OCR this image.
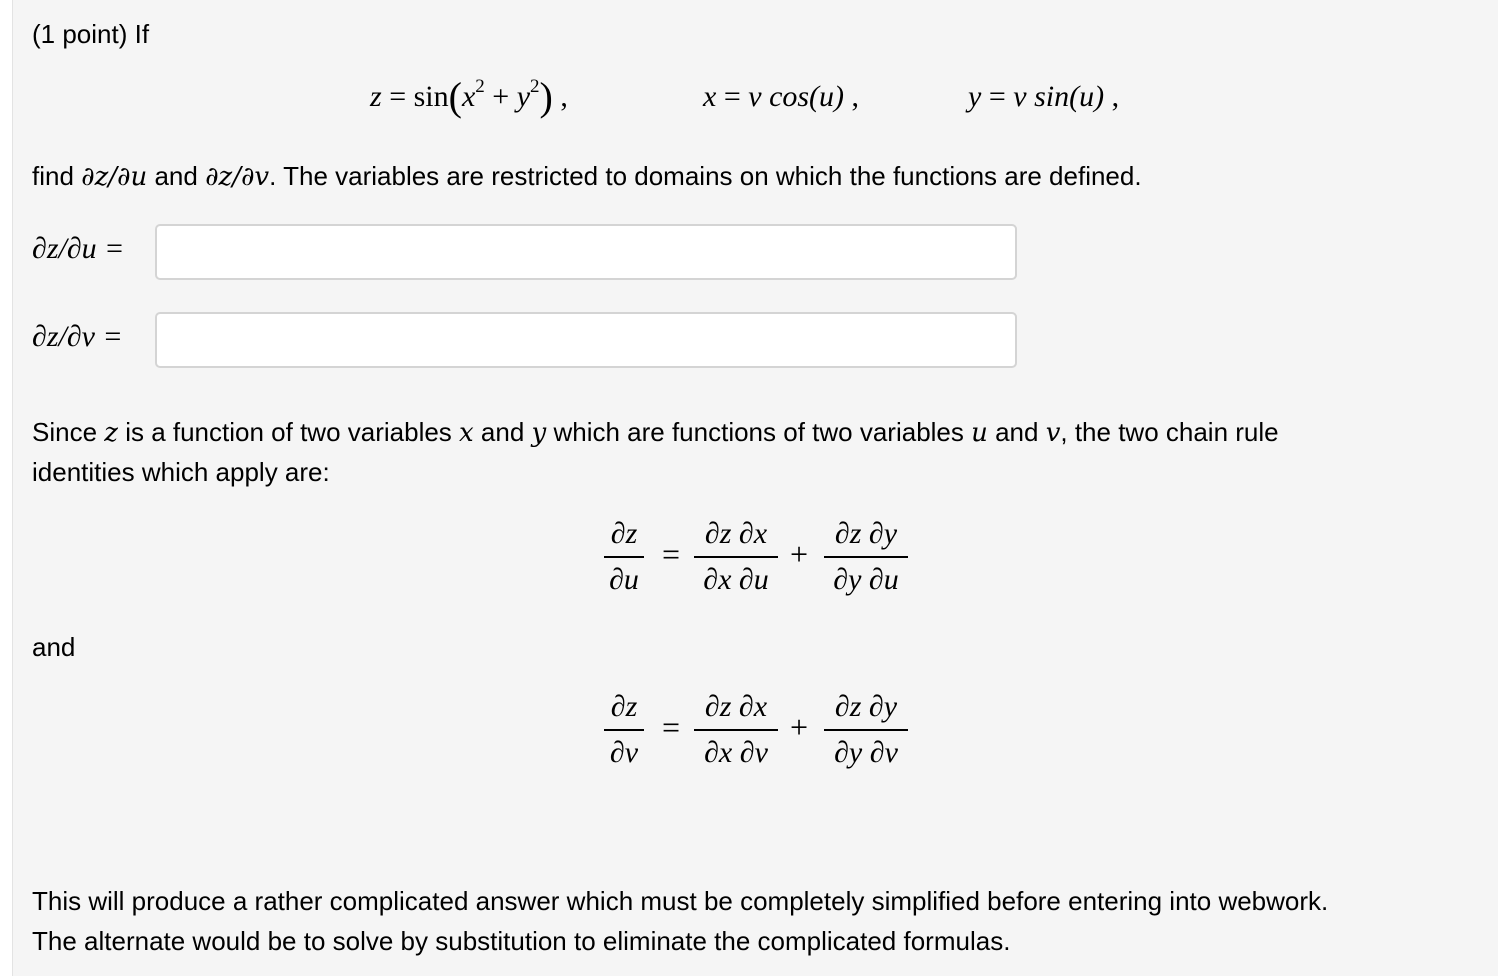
(1 point) If
$z = \sin(x^2 + y^2)$ ,	x = v cos(u) ,	y = v sin(u) ,
find ∂z/∂u and ∂z/∂v. The variables are restricted to domains on which the functions are defined.
∂z/∂u =
∂z/∂v =
Since z is a function of two variables x and y which are functions of two variables u and v, the two chain rule
identities which apply are:
∂z
∂u
=
∂z ∂x
∂x ∂u
+
∂z ∂y
∂y ∂u
and
∂z
∂v
=
∂z ∂x
∂x ∂v
+
∂z ∂y
∂y ∂v
This will produce a rather complicated answer which must be completely simplified before entering into webwork.
The alternate would be to solve by substitution to eliminate the complicated formulas.
